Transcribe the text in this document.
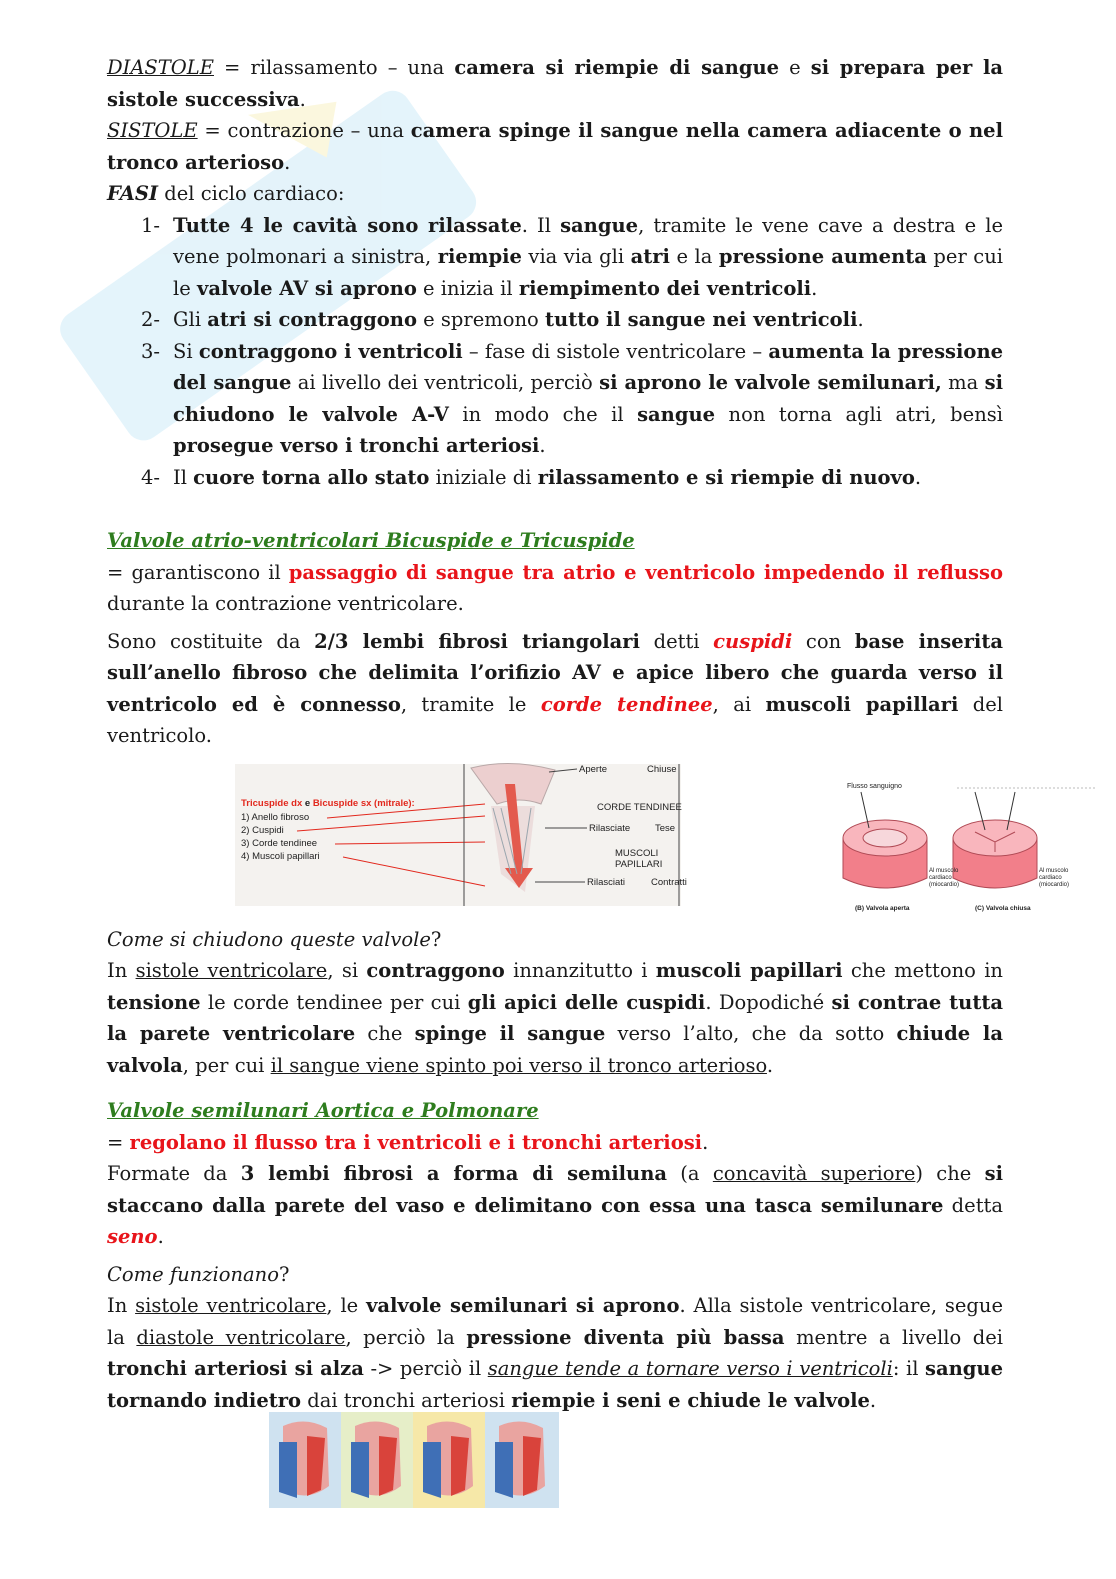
DIASTOLE = rilassamento – una camera si riempie di sangue e si prepara per la sistole successiva.

SISTOLE = contrazione – una camera spinge il sangue nella camera adiacente o nel tronco arterioso.

FASI del ciclo cardiaco:

1- Tutte 4 le cavità sono rilassate. Il sangue, tramite le vene cave a destra e le vene polmonari a sinistra, riempie via via gli atri e la pressione aumenta per cui le valvole AV si aprono e inizia il riempimento dei ventricoli.
2- Gli atri si contraggono e spremono tutto il sangue nei ventricoli.
3- Si contraggono i ventricoli – fase di sistole ventricolare – aumenta la pressione del sangue ai livello dei ventricoli, perciò si aprono le valvole semilunari, ma si chiudono le valvole A-V in modo che il sangue non torna agli atri, bensì prosegue verso i tronchi arteriosi.
4- Il cuore torna allo stato iniziale di rilassamento e si riempie di nuovo.

Valvole atrio-ventricolari Bicuspide e Tricuspide

= garantiscono il passaggio di sangue tra atrio e ventricolo impedendo il reflusso durante la contrazione ventricolare.

Sono costituite da 2/3 lembi fibrosi triangolari detti cuspidi con base inserita sull’anello fibroso che delimita l’orifizio AV e apice libero che guarda verso il ventricolo ed è connesso, tramite le corde tendinee, ai muscoli papillari del ventricolo.

Tricuspide dx e Bicuspide sx (mitrale):
1) Anello fibroso
2) Cuspidi
3) Corde tendinee
4) Muscoli papillari
Aperte	Chiuse
CORDE TENDINEE
Rilasciate	Tese
MUSCOLI
PAPILLARI
Rilasciati	Contratti
Flusso sanguigno
Al muscolo
cardiaco
(miocardio)
Al muscolo
cardiaco
(miocardio)
(B) Valvola aperta	(C) Valvola chiusa

Come si chiudono queste valvole?

In sistole ventricolare, si contraggono innanzitutto i muscoli papillari che mettono in tensione le corde tendinee per cui gli apici delle cuspidi. Dopodiché si contrae tutta la parete ventricolare che spinge il sangue verso l’alto, che da sotto chiude la valvola, per cui il sangue viene spinto poi verso il tronco arterioso.

Valvole semilunari Aortica e Polmonare

= regolano il flusso tra i ventricoli e i tronchi arteriosi.

Formate da 3 lembi fibrosi a forma di semiluna (a concavità superiore) che si staccano dalla parete del vaso e delimitano con essa una tasca semilunare detta seno.

Come funzionano?

In sistole ventricolare, le valvole semilunari si aprono. Alla sistole ventricolare, segue la diastole ventricolare, perciò la pressione diventa più bassa mentre a livello dei tronchi arteriosi si alza -> perciò il sangue tende a tornare verso i ventricoli: il sangue tornando indietro dai tronchi arteriosi riempie i seni e chiude le valvole.
